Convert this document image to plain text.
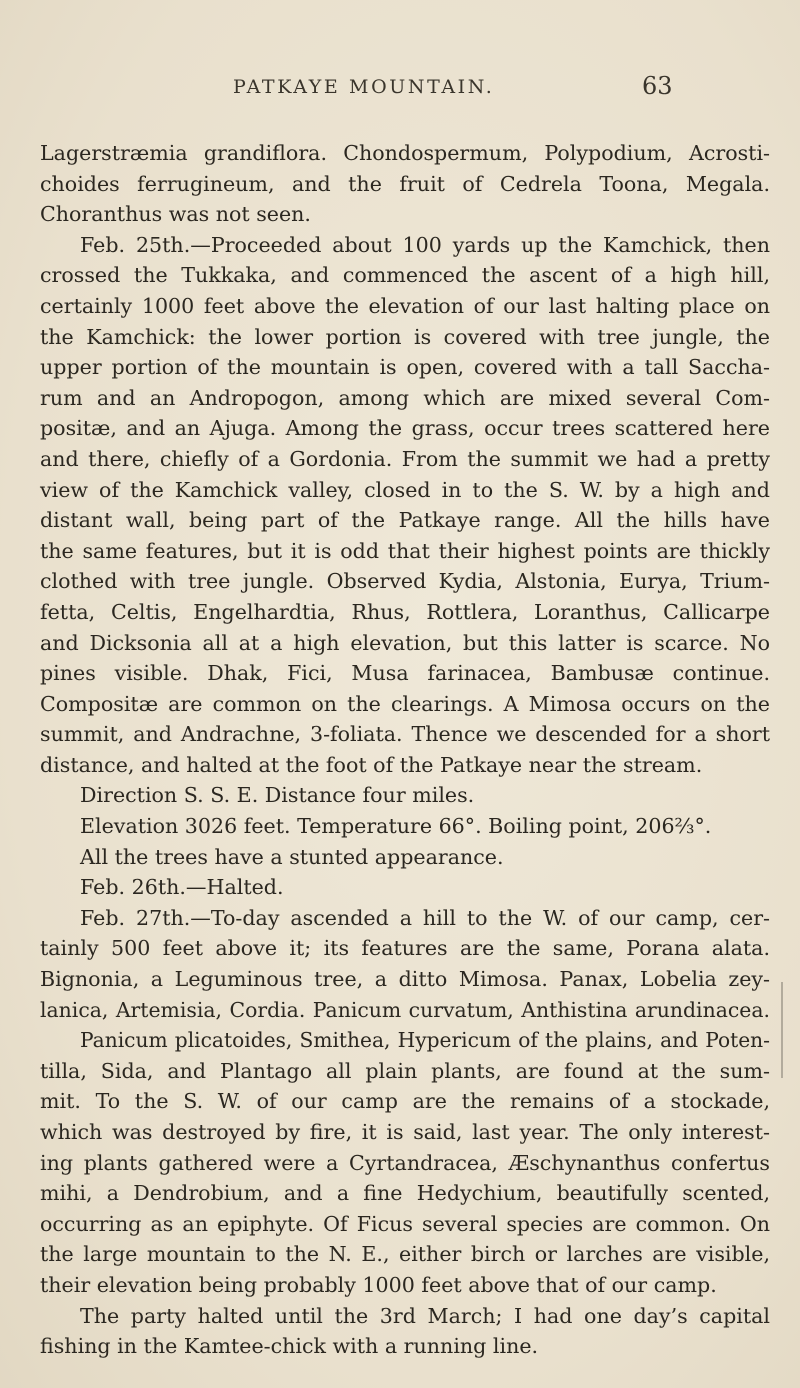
PATKAYE MOUNTAIN.	63
Lagerstræmia grandiflora. Chondospermum, Polypodium, Acrosti-
choides ferrugineum, and the fruit of Cedrela Toona, Megala.
Choranthus was not seen.
Feb. 25th.—Proceeded about 100 yards up the Kamchick, then
crossed the Tukkaka, and commenced the ascent of a high hill,
certainly 1000 feet above the elevation of our last halting place on
the Kamchick: the lower portion is covered with tree jungle, the
upper portion of the mountain is open, covered with a tall Saccha-
rum and an Andropogon, among which are mixed several Com-
positæ, and an Ajuga. Among the grass, occur trees scattered here
and there, chiefly of a Gordonia. From the summit we had a pretty
view of the Kamchick valley, closed in to the S. W. by a high and
distant wall, being part of the Patkaye range. All the hills have
the same features, but it is odd that their highest points are thickly
clothed with tree jungle. Observed Kydia, Alstonia, Eurya, Trium-
fetta, Celtis, Engelhardtia, Rhus, Rottlera, Loranthus, Callicarpe
and Dicksonia all at a high elevation, but this latter is scarce. No
pines visible. Dhak, Fici, Musa farinacea, Bambusæ continue.
Compositæ are common on the clearings. A Mimosa occurs on the
summit, and Andrachne, 3-foliata. Thence we descended for a short
distance, and halted at the foot of the Patkaye near the stream.
Direction S. S. E. Distance four miles.
Elevation 3026 feet. Temperature 66°. Boiling point, 206⅔°.
All the trees have a stunted appearance.
Feb. 26th.—Halted.
Feb. 27th.—To-day ascended a hill to the W. of our camp, cer-
tainly 500 feet above it; its features are the same, Porana alata.
Bignonia, a Leguminous tree, a ditto Mimosa. Panax, Lobelia zey-
lanica, Artemisia, Cordia. Panicum curvatum, Anthistina arundinacea.
Panicum plicatoides, Smithea, Hypericum of the plains, and Poten-
tilla, Sida, and Plantago all plain plants, are found at the sum-
mit. To the S. W. of our camp are the remains of a stockade,
which was destroyed by fire, it is said, last year. The only interest-
ing plants gathered were a Cyrtandracea, Æschynanthus confertus
mihi, a Dendrobium, and a fine Hedychium, beautifully scented,
occurring as an epiphyte. Of Ficus several species are common. On
the large mountain to the N. E., either birch or larches are visible,
their elevation being probably 1000 feet above that of our camp.
The party halted until the 3rd March; I had one day’s capital
fishing in the Kamtee-chick with a running line.
